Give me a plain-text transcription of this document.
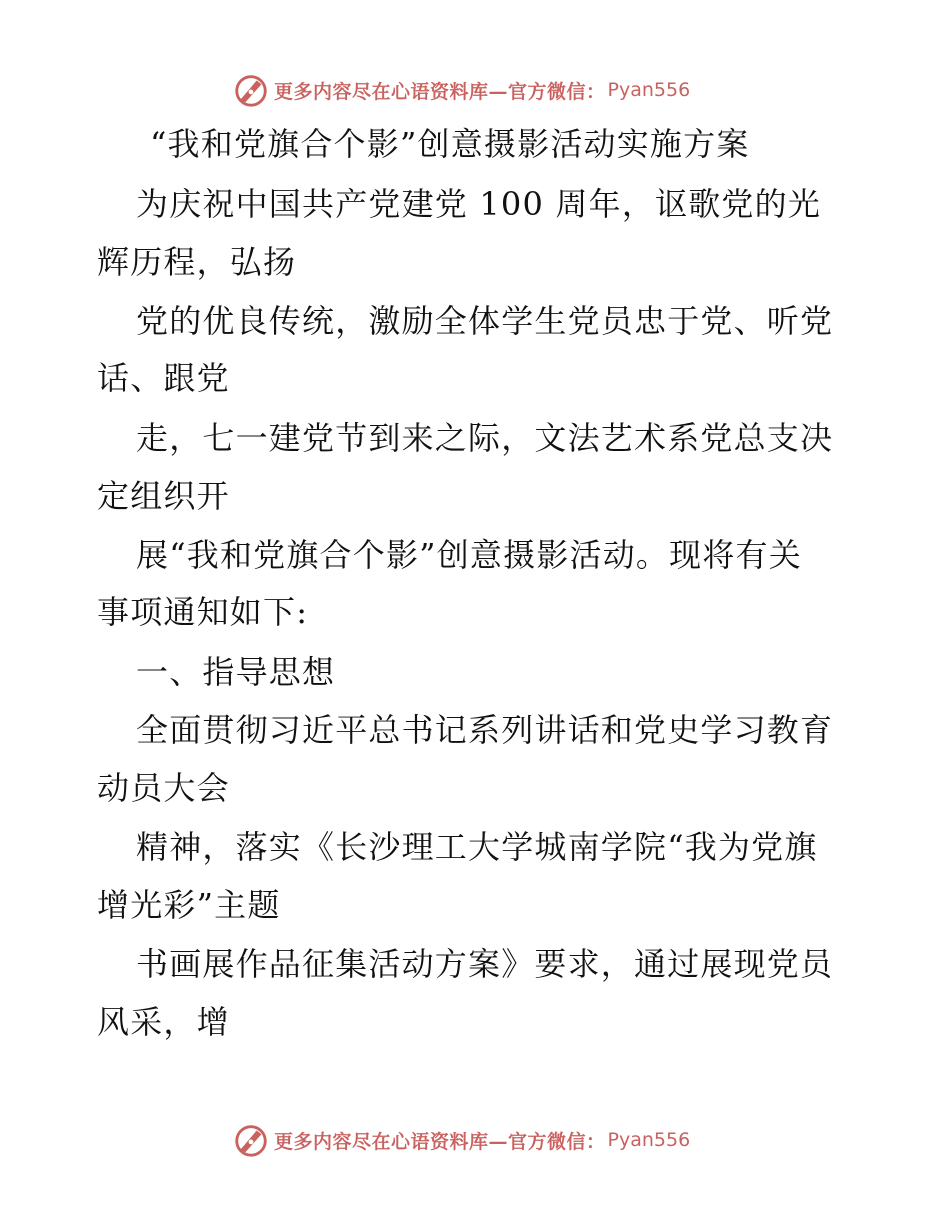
更多内容尽在心语资料库—官方微信： Pyan556
“我和党旗合个影”创意摄影活动实施方案
为庆祝中国共产党建党 100 周年，讴歌党的光
辉历程，弘扬
党的优良传统，激励全体学生党员忠于党、听党
话、跟党
走，七一建党节到来之际，文法艺术系党总支决
定组织开
展“我和党旗合个影”创意摄影活动。现将有关
事项通知如下:
一、指导思想
全面贯彻习近平总书记系列讲话和党史学习教育
动员大会
精神，落实《长沙理工大学城南学院“我为党旗
增光彩”主题
书画展作品征集活动方案》要求，通过展现党员
风采，增
更多内容尽在心语资料库—官方微信： Pyan556
